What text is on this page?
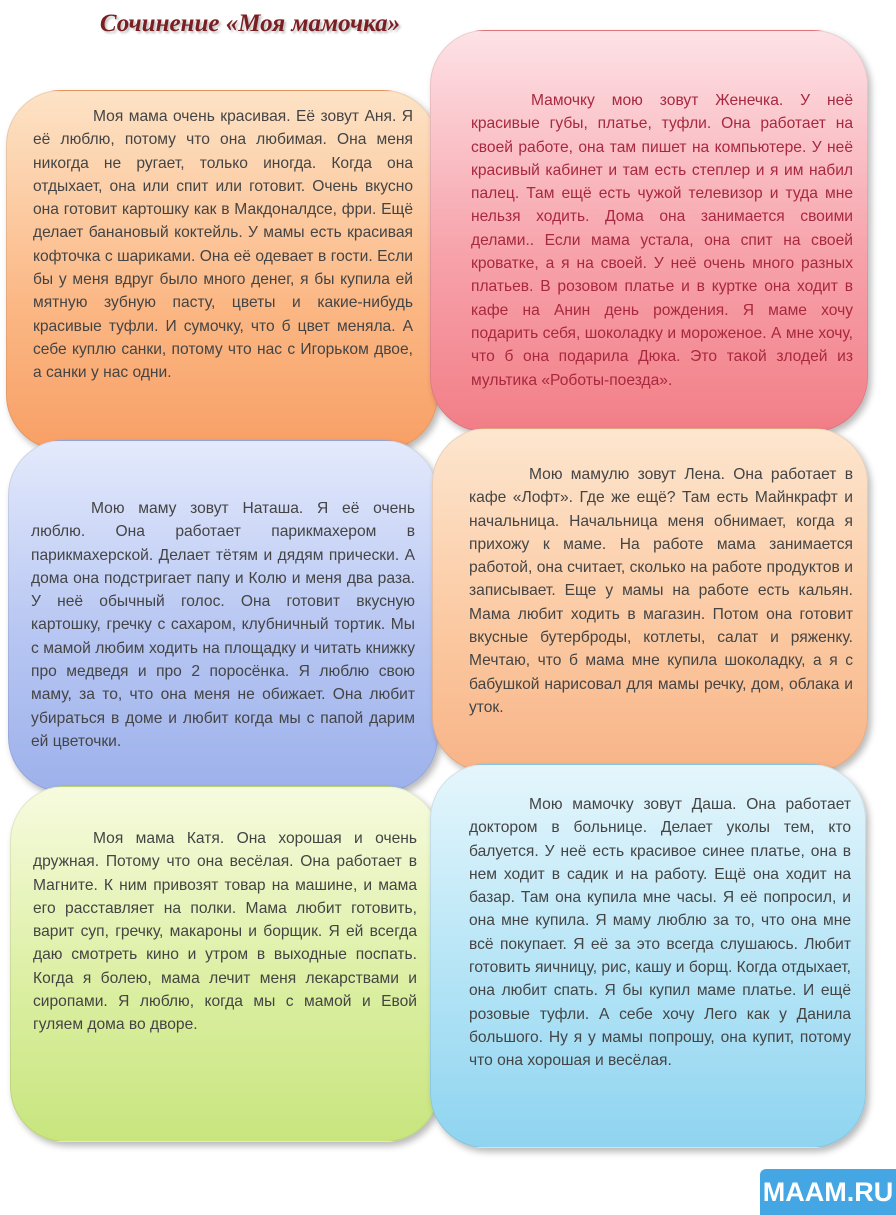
Сочинение «Моя мамочка»

Моя мама очень красивая. Её зовут Аня. Я её люблю, потому что она любимая. Она меня никогда не ругает, только иногда. Когда она отдыхает, она или спит или готовит. Очень вкусно она готовит картошку как в Макдоналдсе, фри. Ещё делает банановый коктейль. У мамы есть красивая кофточка с шариками. Она её одевает в гости. Если бы у меня вдруг было много денег, я бы купила ей мятную зубную пасту, цветы и какие-нибудь красивые туфли. И сумочку, что б цвет меняла. А себе куплю санки, потому что нас с Игорьком двое, а санки у нас одни.

Мамочку мою зовут Женечка. У неё красивые губы, платье, туфли. Она работает на своей работе, она там пишет на компьютере. У неё красивый кабинет и там есть степлер и я им набил палец. Там ещё есть чужой телевизор и туда мне нельзя ходить. Дома она занимается своими делами.. Если мама устала, она спит на своей кроватке, а я на своей. У неё очень много разных платьев. В розовом платье и в куртке она ходит в кафе на Анин день рождения. Я маме хочу подарить себя, шоколадку и мороженое. А мне хочу, что б она подарила Дюка. Это такой злодей из мультика «Роботы-поезда».

Мою маму зовут Наташа. Я её очень люблю. Она работает парикмахером в парикмахерской. Делает тётям и дядям прически. А дома она подстригает папу и Колю и меня два раза. У неё обычный голос. Она готовит вкусную картошку, гречку с сахаром, клубничный тортик. Мы с мамой любим ходить на площадку и читать книжку про медведя и про 2 поросёнка. Я люблю свою маму, за то, что она меня не обижает. Она любит убираться в доме и любит когда мы с папой дарим ей цветочки.

Мою мамулю зовут Лена. Она работает в кафе «Лофт». Где же ещё? Там есть Майнкрафт и начальница. Начальница меня обнимает, когда я прихожу к маме. На работе мама занимается работой, она считает, сколько на работе продуктов и записывает. Еще у мамы на работе есть кальян. Мама любит ходить в магазин. Потом она готовит вкусные бутерброды, котлеты, салат и ряженку. Мечтаю, что б мама мне купила шоколадку, а я с бабушкой нарисовал для мамы речку, дом, облака и уток.

Моя мама Катя. Она хорошая и очень дружная. Потому что она весёлая. Она работает в Магните. К ним привозят товар на машине, и мама его расставляет на полки. Мама любит готовить, варит суп, гречку, макароны и борщик. Я ей всегда даю смотреть кино и утром в выходные поспать. Когда я болею, мама лечит меня лекарствами и сиропами. Я люблю, когда мы с мамой и Евой гуляем дома во дворе.

Мою мамочку зовут Даша. Она работает доктором в больнице. Делает уколы тем, кто балуется. У неё есть красивое синее платье, она в нем ходит в садик и на работу. Ещё она ходит на базар. Там она купила мне часы. Я её попросил, и она мне купила. Я маму люблю за то, что она мне всё покупает. Я её за это всегда слушаюсь. Любит готовить яичницу, рис, кашу и борщ. Когда отдыхает, она любит спать. Я бы купил маме платье. И ещё розовые туфли. А себе хочу Лего как у Данила большого. Ну я у мамы попрошу, она купит, потому что она хорошая и весёлая.

MAAM.RU
